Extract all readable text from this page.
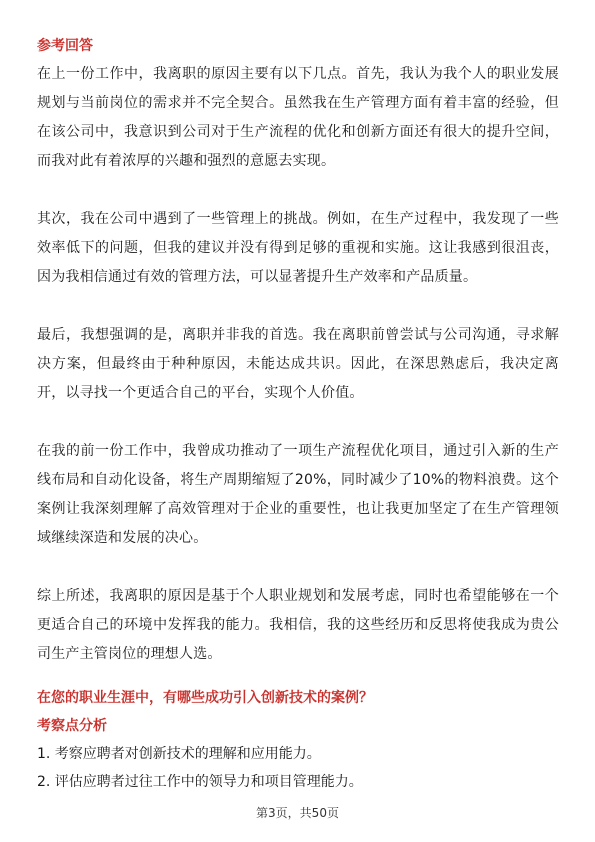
参考回答

在上一份工作中，我离职的原因主要有以下几点。首先，我认为我个人的职业发展规划与当前岗位的需求并不完全契合。虽然我在生产管理方面有着丰富的经验，但在该公司中，我意识到公司对于生产流程的优化和创新方面还有很大的提升空间，而我对此有着浓厚的兴趣和强烈的意愿去实现。

其次，我在公司中遇到了一些管理上的挑战。例如，在生产过程中，我发现了一些效率低下的问题，但我的建议并没有得到足够的重视和实施。这让我感到很沮丧，因为我相信通过有效的管理方法，可以显著提升生产效率和产品质量。

最后，我想强调的是，离职并非我的首选。我在离职前曾尝试与公司沟通，寻求解决方案，但最终由于种种原因，未能达成共识。因此，在深思熟虑后，我决定离开，以寻找一个更适合自己的平台，实现个人价值。

在我的前一份工作中，我曾成功推动了一项生产流程优化项目，通过引入新的生产线布局和自动化设备，将生产周期缩短了20%，同时减少了10%的物料浪费。这个案例让我深刻理解了高效管理对于企业的重要性，也让我更加坚定了在生产管理领域继续深造和发展的决心。

综上所述，我离职的原因是基于个人职业规划和发展考虑，同时也希望能够在一个更适合自己的环境中发挥我的能力。我相信，我的这些经历和反思将使我成为贵公司生产主管岗位的理想人选。

在您的职业生涯中，有哪些成功引入创新技术的案例？
考察点分析

1. 考察应聘者对创新技术的理解和应用能力。

2. 评估应聘者过往工作中的领导力和项目管理能力。

第3页，共50页
